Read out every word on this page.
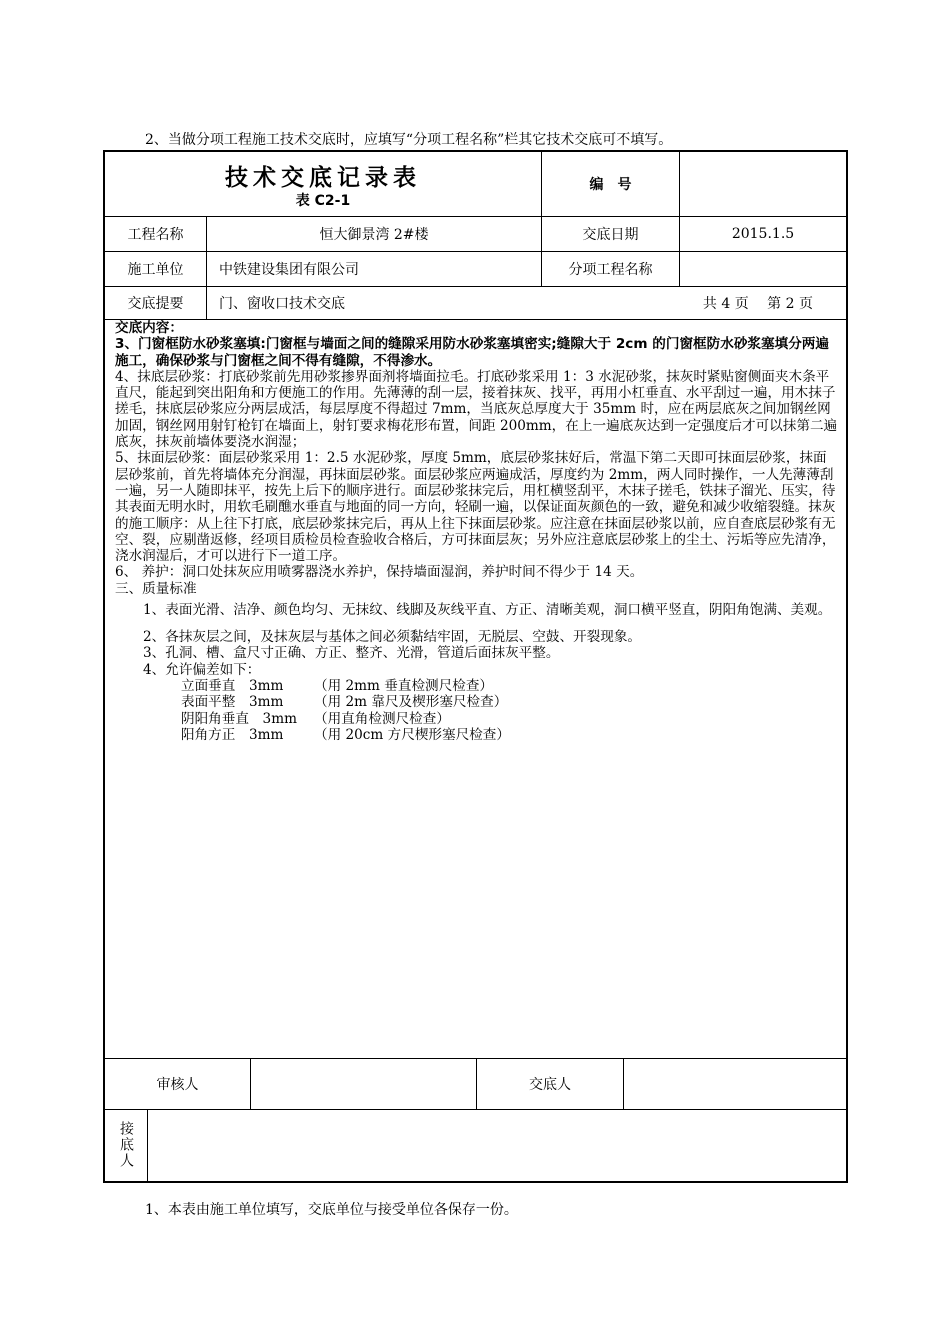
2、当做分项工程施工技术交底时，应填写“分项工程名称”栏其它技术交底可不填写。
技术交底记录表
表 C2-1
编　号
工程名称	恒大御景湾 2#楼	交底日期	2015.1.5
施工单位	中铁建设集团有限公司	分项工程名称
交底提要	门、窗收口技术交底	共 4 页　 第 2 页

交底内容：

3、门窗框防水砂浆塞填:门窗框与墙面之间的缝隙采用防水砂浆塞填密实;缝隙大于 2cm 的门窗框防水砂浆塞填分两遍施工，确保砂浆与门窗框之间不得有缝隙，不得渗水。

4、抹底层砂浆：打底砂浆前先用砂浆掺界面剂将墙面拉毛。打底砂浆采用 1：3 水泥砂浆，抹灰时紧贴窗侧面夹木条平直尺，能起到突出阳角和方便施工的作用。先薄薄的刮一层，接着抹灰、找平，再用小杠垂直、水平刮过一遍，用木抹子搓毛，抹底层砂浆应分两层成活，每层厚度不得超过 7mm，当底灰总厚度大于 35mm 时，应在两层底灰之间加钢丝网加固，钢丝网用射钉枪钉在墙面上，射钉要求梅花形布置，间距 200mm，在上一遍底灰达到一定强度后才可以抹第二遍底灰，抹灰前墙体要浇水润湿；

5、抹面层砂浆：面层砂浆采用 1：2.5 水泥砂浆，厚度 5mm，底层砂浆抹好后，常温下第二天即可抹面层砂浆，抹面层砂浆前，首先将墙体充分润湿，再抹面层砂浆。面层砂浆应两遍成活，厚度约为 2mm，两人同时操作，一人先薄薄刮一遍，另一人随即抹平，按先上后下的顺序进行。面层砂浆抹完后，用杠横竖刮平，木抹子搓毛，铁抹子溜光、压实，待其表面无明水时，用软毛刷醮水垂直与地面的同一方向，轻刷一遍，以保证面灰颜色的一致，避免和减少收缩裂缝。抹灰的施工顺序：从上往下打底，底层砂浆抹完后，再从上往下抹面层砂浆。应注意在抹面层砂浆以前，应自查底层砂浆有无空、裂，应剔凿返修，经项目质检员检查验收合格后，方可抹面层灰；另外应注意底层砂浆上的尘土、污垢等应先清净，浇水润湿后，才可以进行下一道工序。

6、 养护：洞口处抹灰应用喷雾器浇水养护，保持墙面湿润，养护时间不得少于 14 天。

三、质量标准

1、表面光滑、洁净、颜色均匀、无抹纹、线脚及灰线平直、方正、清晰美观，洞口横平竖直，阴阳角饱满、美观。

2、各抹灰层之间，及抹灰层与基体之间必须黏结牢固，无脱层、空鼓、开裂现象。

3、孔洞、槽、盒尺寸正确、方正、整齐、光滑，管道后面抹灰平整。

4、允许偏差如下：

立面垂直　3mm	（用 2mm 垂直检测尺检查）
表面平整　3mm	（用 2m 靠尺及楔形塞尺检查）
阴阳角垂直　3mm	（用直角检测尺检查）
阳角方正　3mm	（用 20cm 方尺楔形塞尺检查）
审核人	交底人
接底人
1、本表由施工单位填写，交底单位与接受单位各保存一份。
